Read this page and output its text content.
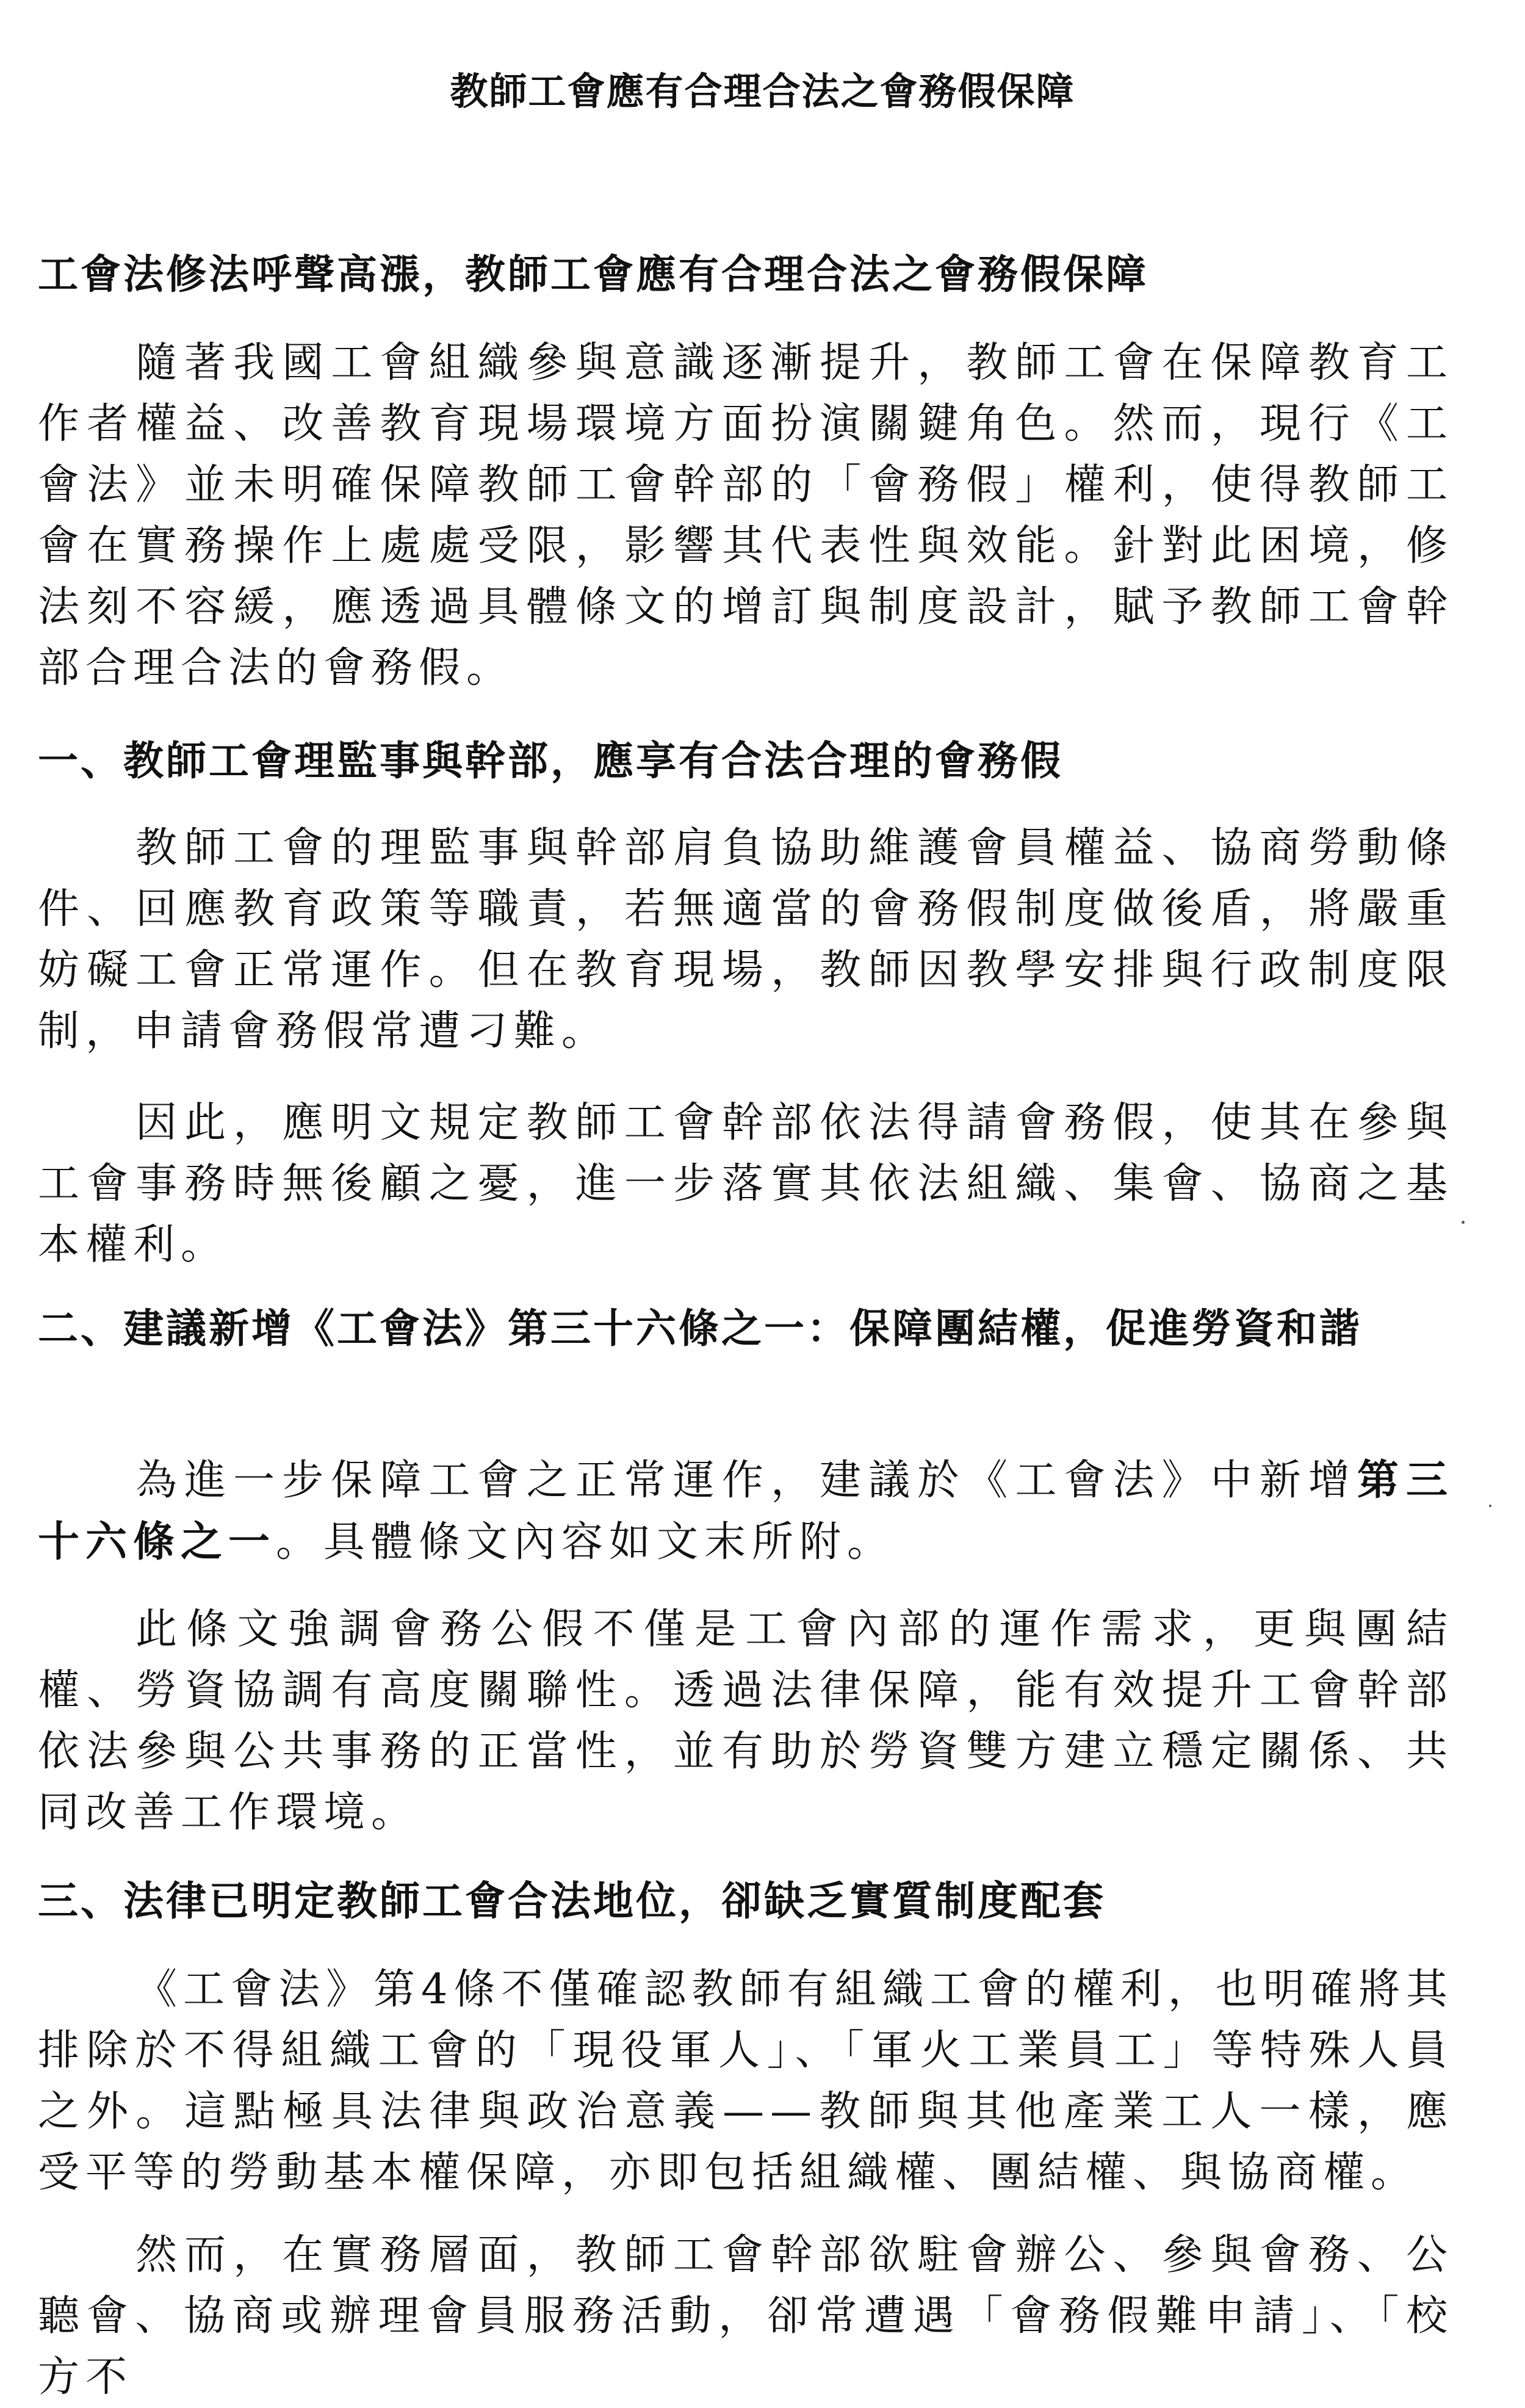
教師工會應有合理合法之會務假保障
工會法修法呼聲高漲，教師工會應有合理合法之會務假保障

隨著我國工會組織參與意識逐漸提升，教師工會在保障教育工作者權益、改善教育現場環境方面扮演關鍵角色。然而，現行《工會法》並未明確保障教師工會幹部的「會務假」權利，使得教師工會在實務操作上處處受限，影響其代表性與效能。針對此困境，修法刻不容緩，應透過具體條文的增訂與制度設計，賦予教師工會幹部合理合法的會務假。

一、教師工會理監事與幹部，應享有合法合理的會務假

教師工會的理監事與幹部肩負協助維護會員權益、協商勞動條件、回應教育政策等職責，若無適當的會務假制度做後盾，將嚴重妨礙工會正常運作。但在教育現場，教師因教學安排與行政制度限制，申請會務假常遭刁難。

因此，應明文規定教師工會幹部依法得請會務假，使其在參與工會事務時無後顧之憂，進一步落實其依法組織、集會、協商之基本權利。

二、建議新增《工會法》第三十六條之一：保障團結權，促進勞資和諧

為進一步保障工會之正常運作，建議於《工會法》中新增第三十六條之一。具體條文內容如文末所附。

此條文強調會務公假不僅是工會內部的運作需求，更與團結權、勞資協調有高度關聯性。透過法律保障，能有效提升工會幹部依法參與公共事務的正當性，並有助於勞資雙方建立穩定關係、共同改善工作環境。

三、法律已明定教師工會合法地位，卻缺乏實質制度配套

《工會法》第4條不僅確認教師有組織工會的權利，也明確將其排除於不得組織工會的「現役軍人」、「軍火工業員工」等特殊人員之外。這點極具法律與政治意義——教師與其他產業工人一樣，應受平等的勞動基本權保障，亦即包括組織權、團結權、與協商權。

然而，在實務層面，教師工會幹部欲駐會辦公、參與會務、公聽會、協商或辦理會員服務活動，卻常遭遇「會務假難申請」、「校方不
